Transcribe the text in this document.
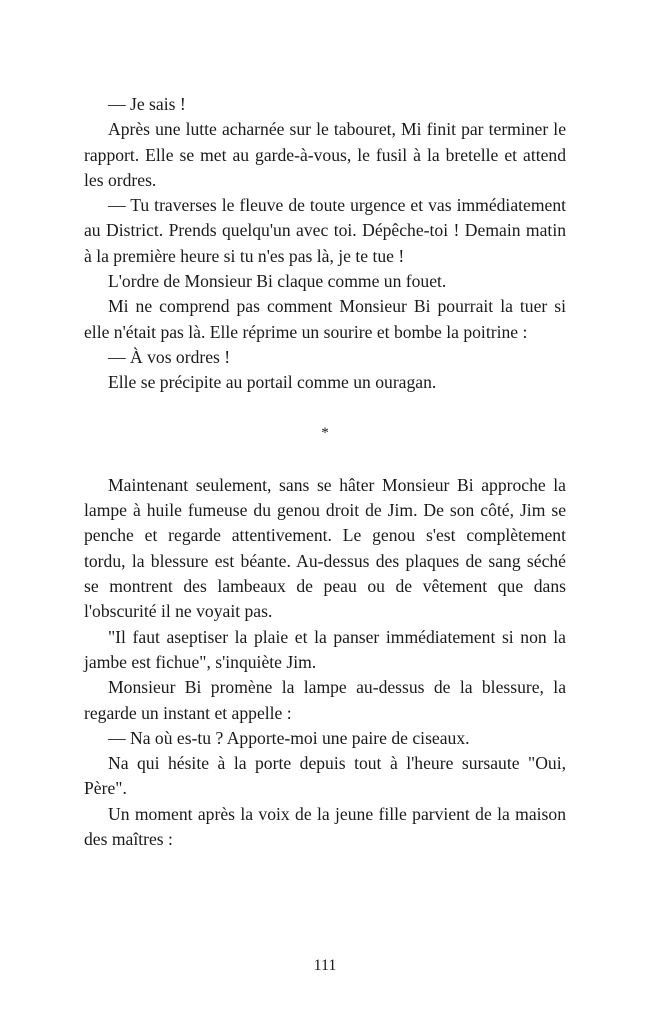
— Je sais !

Après une lutte acharnée sur le tabouret, Mi finit par terminer le rapport. Elle se met au garde-à-vous, le fusil à la bretelle et attend les ordres.

— Tu traverses le fleuve de toute urgence et vas immédiatement au District. Prends quelqu'un avec toi. Dépêche-toi ! Demain matin à la première heure si tu n'es pas là, je te tue !

L'ordre de Monsieur Bi claque comme un fouet.

Mi ne comprend pas comment Monsieur Bi pourrait la tuer si elle n'était pas là. Elle réprime un sourire et bombe la poitrine :

— À vos ordres !

Elle se précipite au portail comme un ouragan.

*

Maintenant seulement, sans se hâter Monsieur Bi approche la lampe à huile fumeuse du genou droit de Jim. De son côté, Jim se penche et regarde attentivement. Le genou s'est complètement tordu, la blessure est béante. Au-dessus des plaques de sang séché se montrent des lambeaux de peau ou de vêtement que dans l'obscurité il ne voyait pas.

"Il faut aseptiser la plaie et la panser immédiatement si non la jambe est fichue", s'inquiète Jim.

Monsieur Bi promène la lampe au-dessus de la blessure, la regarde un instant et appelle :

— Na où es-tu ? Apporte-moi une paire de ciseaux.

Na qui hésite à la porte depuis tout à l'heure sursaute "Oui, Père".

Un moment après la voix de la jeune fille parvient de la maison des maîtres :

111
